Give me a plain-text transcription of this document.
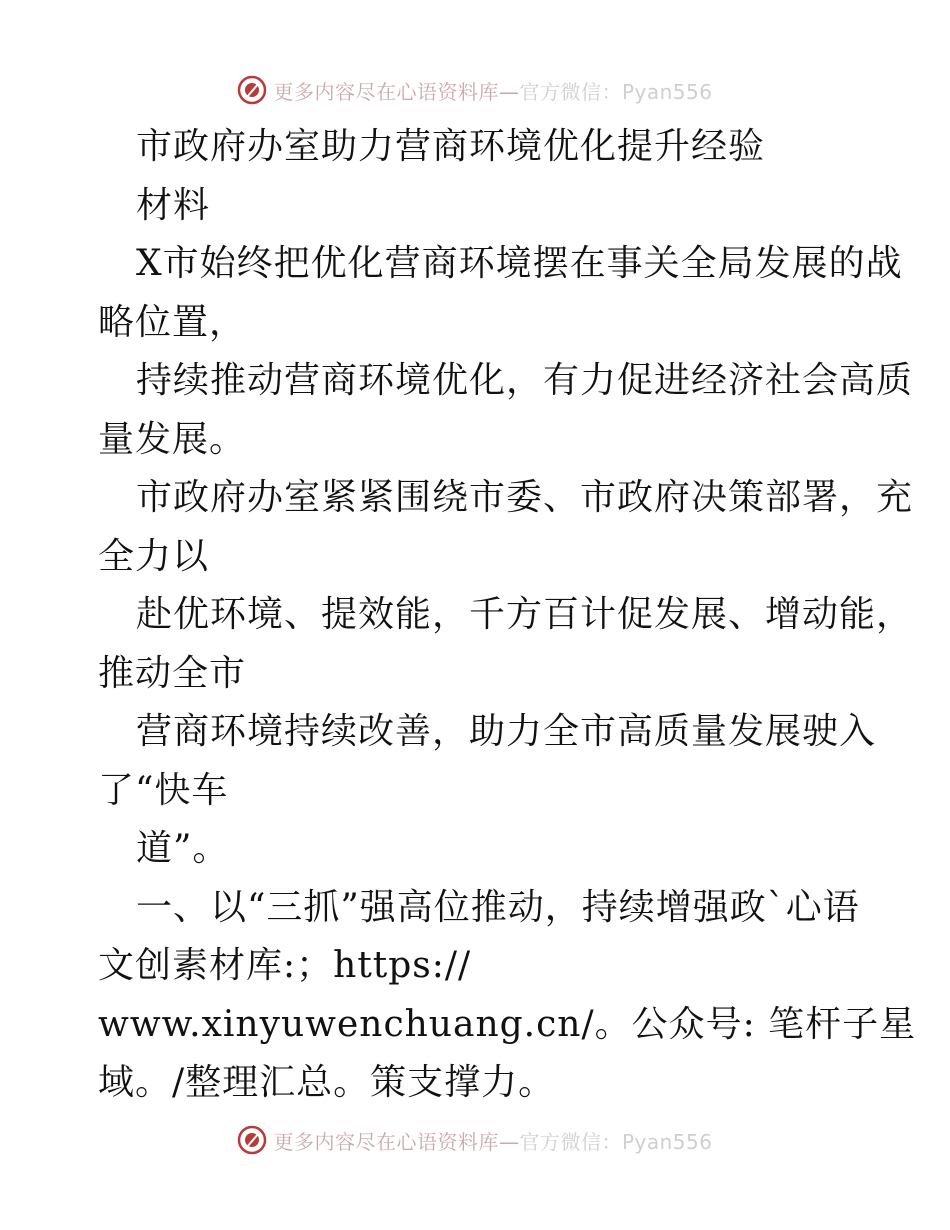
更多内容尽在心语资料库—官方微信：Pyan556
市政府办室助力营商环境优化提升经验
材料
X市始终把优化营商环境摆在事关全局发展的战
略位置，
持续推动营商环境优化，有力促进经济社会高质
量发展。
市政府办室紧紧围绕市委、市政府决策部署，充
全力以
赴优环境、提效能，千方百计促发展、增动能，
推动全市
营商环境持续改善，助力全市高质量发展驶入
了“快车
道”。
一、以“三抓”强高位推动，持续增强政`心语
文创素材库:；https://
www.xinyuwenchuang.cn/。公众号: 笔杆子星
域。/整理汇总。策支撑力。
更多内容尽在心语资料库—官方微信：Pyan556
